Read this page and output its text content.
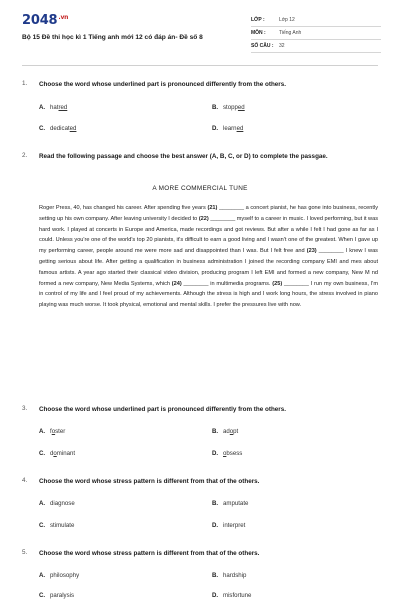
$2048^{.vn}$
Bộ 15 Đề thi học kì 1 Tiếng anh mới 12 có đáp án- Đề số 8
LỚP :	Lớp 12
MÔN :	Tiếng Anh
SỐ CÂU :	32
1. Choose the word whose underlined part is pronounced differently from the others.
A. hatred	B. stopped
C. dedicated	D. learned
2. Read the following passage and choose the best answer (A, B, C, or D) to complete the passgae.
A MORE COMMERCIAL TUNE

Roger Press, 40, has changed his career. After spending five years (21) ________ a concert pianist, he has gone into business, recently setting up his own company. After leaving university I decided to (22) ________ myself to a career in music. I loved performing, but it was hard work. I played at concerts in Europe and America, made recordings and got reviews. But after a while I felt I had gone as far as I could. Unless you're one of the world's top 20 pianists, it's difficult to earn a good living and I wasn't one of the greatest. When I gave up my performing career, people around me were more sad and disappointed than I was. But I felt free and (23) ________ I knew I was getting serious about life. After getting a qualification in business administration I joined the recording company EMI and mes about famous artists. A year ago started their classical video division, producing program I left EMI and formed a new company, New M nd formed a new company, New Media Systems, which (24) ________ in multimedia programs. (25) ________ I run my own business, I'm in control of my life and I feel proud of my achievements. Although the stress is high and I work long hours, the stress involved in piano playing was much worse. It took physical, emotional and mental skills. I prefer the pressures live with now.

3. Choose the word whose underlined part is pronounced differently from the others.
A. foster	B. adopt
C. dominant	D. obsess
4. Choose the word whose stress pattern is different from that of the others.
A. diagnose	B. amputate
C. stimulate	D. interpret
5. Choose the word whose stress pattern is different from that of the others.
A. philosophy	B. hardship
C. paralysis	D. misfortune
